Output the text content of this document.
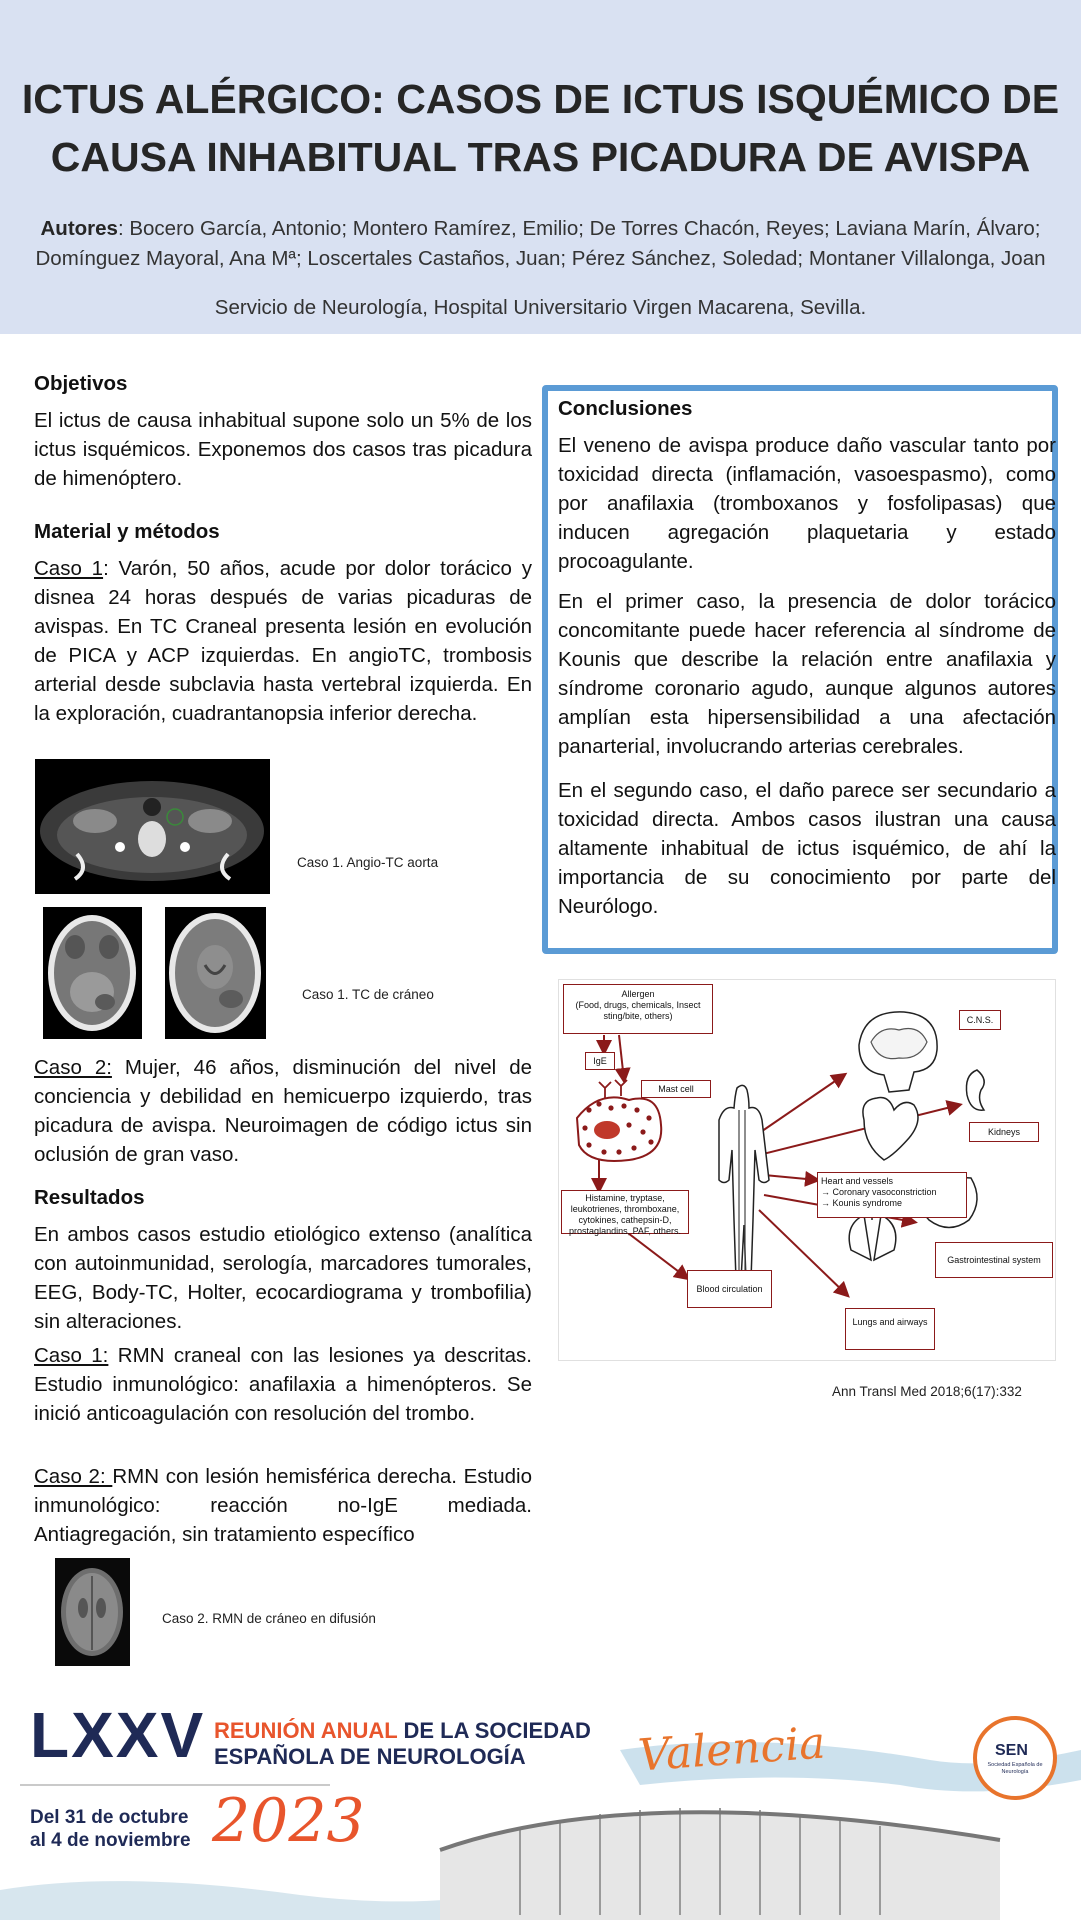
ICTUS ALÉRGICO: CASOS DE ICTUS ISQUÉMICO DE
CAUSA INHABITUAL TRAS PICADURA DE AVISPA
Autores: Bocero García, Antonio; Montero Ramírez, Emilio; De Torres Chacón, Reyes; Laviana Marín, Álvaro;
Domínguez Mayoral, Ana Mª; Loscertales Castaños, Juan; Pérez Sánchez, Soledad; Montaner Villalonga, Joan
Servicio de Neurología, Hospital Universitario Virgen Macarena, Sevilla.
Objetivos
El ictus de causa inhabitual supone solo un 5% de los ictus isquémicos. Exponemos dos casos tras picadura de himenóptero.
Material y métodos
Caso 1: Varón, 50 años, acude por dolor torácico y disnea 24 horas después de varias picaduras de avispas. En TC Craneal presenta lesión en evolución de PICA y ACP izquierdas. En angioTC, trombosis arterial desde subclavia hasta vertebral izquierda. En la exploración, cuadrantanopsia inferior derecha.
Caso 1. Angio-TC aorta
Caso 1. TC de cráneo
Caso 2: Mujer, 46 años, disminución del nivel de conciencia y debilidad en hemicuerpo izquierdo, tras picadura de avispa. Neuroimagen de código ictus sin oclusión de gran vaso.
Resultados
En ambos casos estudio etiológico extenso (analítica con autoinmunidad, serología, marcadores tumorales, EEG, Body-TC, Holter, ecocardiograma y trombofilia) sin alteraciones.
Caso 1: RMN craneal con las lesiones ya descritas. Estudio inmunológico: anafilaxia a himenópteros. Se inició anticoagulación con resolución del trombo.
Caso 2: RMN con lesión hemisférica derecha. Estudio inmunológico: reacción no-IgE mediada. Antiagregación, sin tratamiento específico
Caso 2. RMN de cráneo en difusión
Conclusiones
El veneno de avispa produce daño vascular tanto por toxicidad directa (inflamación, vasoespasmo), como por anafilaxia (tromboxanos y fosfolipasas) que inducen agregación plaquetaria y estado procoagulante.
En el primer caso, la presencia de dolor torácico concomitante puede hacer referencia al síndrome de Kounis que describe la relación entre anafilaxia y síndrome coronario agudo, aunque algunos autores amplían esta hipersensibilidad a una afectación panarterial, involucrando arterias cerebrales.
En el segundo caso, el daño parece ser secundario a toxicidad directa. Ambos casos ilustran una causa altamente inhabitual de ictus isquémico, de ahí la importancia de su conocimiento por parte del Neurólogo.
Allergen
(Food, drugs, chemicals, Insect sting/bite, others)
IgE
Mast cell
Histamine, tryptase, leukotrienes, thromboxane, cytokines, cathepsin-D, prostaglandins, PAF, others.
Blood circulation
C.N.S.
Kidneys
Heart and vessels
→ Coronary vasoconstriction
→ Kounis syndrome
Gastrointestinal system
Lungs and airways
Ann Transl Med 2018;6(17):332
LXXV REUNIÓN ANUAL DE LA SOCIEDAD
ESPAÑOLA DE NEUROLOGÍA
Del 31 de octubre
al 4 de noviembre 2023
Valencia	SEN
Sociedad Española de Neurología
